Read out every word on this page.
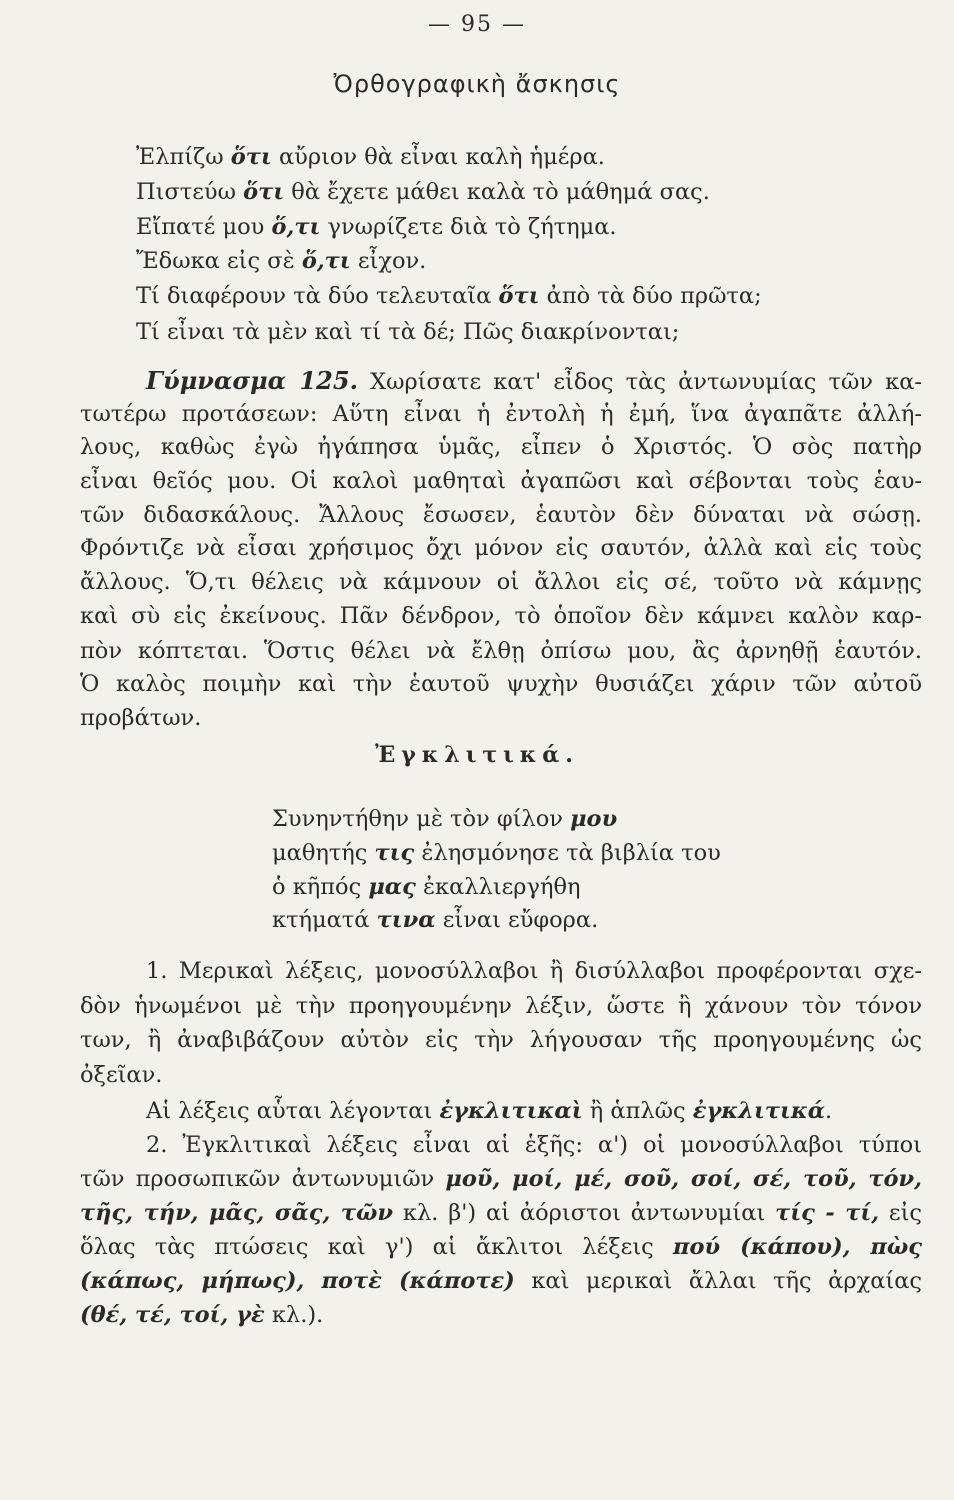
— 95 —
Ὀρθογραφικὴ ἄσκησις
Ἐλπίζω ὅτι αὔριον θὰ εἶναι καλὴ ἡμέρα.
Πιστεύω ὅτι θὰ ἔχετε μάθει καλὰ τὸ μάθημά σας.
Εἴπατέ μου ὅ,τι γνωρίζετε διὰ τὸ ζήτημα.
Ἔδωκα εἰς σὲ ὅ,τι εἶχον.
Τί διαφέρουν τὰ δύο τελευταῖα ὅτι ἀπὸ τὰ δύο πρῶτα;
Τί εἶναι τὰ μὲν καὶ τί τὰ δέ; Πῶς διακρίνονται;
Γύμνασμα 125. Χωρίσατε κατ' εἶδος τὰς ἀντωνυμίας τῶν κα-
τωτέρω προτάσεων: Αὕτη εἶναι ἡ ἐντολὴ ἡ ἐμή, ἵνα ἀγαπᾶτε ἀλλή-
λους, καθὼς ἐγὼ ἠγάπησα ὑμᾶς, εἶπεν ὁ Χριστός. Ὁ σὸς πατὴρ
εἶναι θεῖός μου. Οἱ καλοὶ μαθηταὶ ἀγαπῶσι καὶ σέβονται τοὺς ἑαυ-
τῶν διδασκάλους. Ἄλλους ἔσωσεν, ἑαυτὸν δὲν δύναται νὰ σώσῃ.
Φρόντιζε νὰ εἶσαι χρήσιμος ὄχι μόνον εἰς σαυτόν, ἀλλὰ καὶ εἰς τοὺς
ἄλλους. Ὅ,τι θέλεις νὰ κάμνουν οἱ ἄλλοι εἰς σέ, τοῦτο νὰ κάμνῃς
καὶ σὺ εἰς ἐκείνους. Πᾶν δένδρον, τὸ ὁποῖον δὲν κάμνει καλὸν καρ-
πὸν κόπτεται. Ὅστις θέλει νὰ ἔλθῃ ὀπίσω μου, ἂς ἀρνηθῇ ἑαυτόν.
Ὁ καλὸς ποιμὴν καὶ τὴν ἑαυτοῦ ψυχὴν θυσιάζει χάριν τῶν αὐτοῦ
προβάτων.
Ἐγκλιτικά.
Συνηντήθην μὲ τὸν φίλον μου
μαθητής τις ἐλησμόνησε τὰ βιβλία του
ὁ κῆπός μας ἐκαλλιεργήθη
κτήματά τινα εἶναι εὔφορα.
1. Μερικαὶ λέξεις, μονοσύλλαβοι ἢ δισύλλαβοι προφέρονται σχε-
δὸν ἡνωμένοι μὲ τὴν προηγουμένην λέξιν, ὥστε ἢ χάνουν τὸν τόνον
των, ἢ ἀναβιβάζουν αὐτὸν εἰς τὴν λήγουσαν τῆς προηγουμένης ὡς
ὀξεῖαν.
Αἱ λέξεις αὗται λέγονται ἐγκλιτικαὶ ἢ ἁπλῶς ἐγκλιτικά.
2. Ἐγκλιτικαὶ λέξεις εἶναι αἱ ἑξῆς: α') οἱ μονοσύλλαβοι τύποι
τῶν προσωπικῶν ἀντωνυμιῶν μοῦ, μοί, μέ, σοῦ, σοί, σέ, τοῦ, τόν,
τῆς, τήν, μᾶς, σᾶς, τῶν κλ. β') αἱ ἀόριστοι ἀντωνυμίαι τίς - τί, εἰς
ὅλας τὰς πτώσεις καὶ γ') αἱ ἄκλιτοι λέξεις πού (κάπου), πὼς
(κάπως, μήπως), ποτὲ (κάποτε) καὶ μερικαὶ ἄλλαι τῆς ἀρχαίας
(θέ, τέ, τοί, γὲ κλ.).
